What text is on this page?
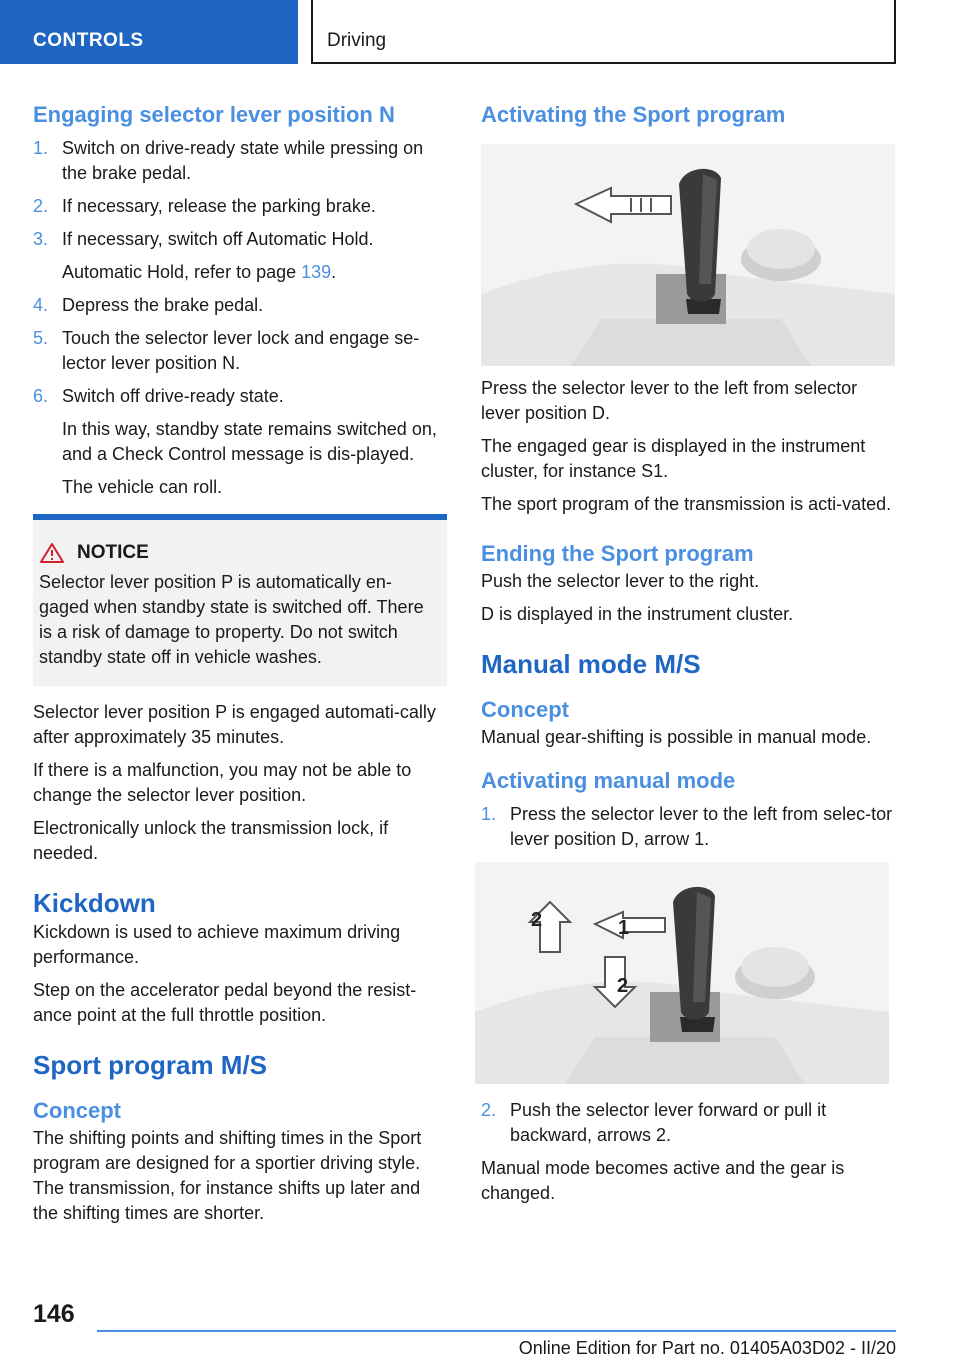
CONTROLS	Driving
Engaging selector lever position N
1. Switch on drive-ready state while pressing on the brake pedal.
2. If necessary, release the parking brake.
3. If necessary, switch off Automatic Hold.
Automatic Hold, refer to page 139.
4. Depress the brake pedal.
5. Touch the selector lever lock and engage se-lector lever position N.
6. Switch off drive-ready state.
In this way, standby state remains switched on, and a Check Control message is dis-played.
The vehicle can roll.
NOTICE

Selector lever position P is automatically en-gaged when standby state is switched off. There is a risk of damage to property. Do not switch standby state off in vehicle washes.

Selector lever position P is engaged automati-cally after approximately 35 minutes.

If there is a malfunction, you may not be able to change the selector lever position.

Electronically unlock the transmission lock, if needed.

Kickdown

Kickdown is used to achieve maximum driving performance.

Step on the accelerator pedal beyond the resist-ance point at the full throttle position.

Sport program M/S
Concept

The shifting points and shifting times in the Sport program are designed for a sportier driving style. The transmission, for instance shifts up later and the shifting times are shorter.

Activating the Sport program

Press the selector lever to the left from selector lever position D.

The engaged gear is displayed in the instrument cluster, for instance S1.

The sport program of the transmission is acti-vated.

Ending the Sport program

Push the selector lever to the right.

D is displayed in the instrument cluster.

Manual mode M/S
Concept

Manual gear-shifting is possible in manual mode.

Activating manual mode
1. Press the selector lever to the left from selec-tor lever position D, arrow 1.
1
2
2
2. Push the selector lever forward or pull it backward, arrows 2.

Manual mode becomes active and the gear is changed.

146
Online Edition for Part no. 01405A03D02 - II/20
